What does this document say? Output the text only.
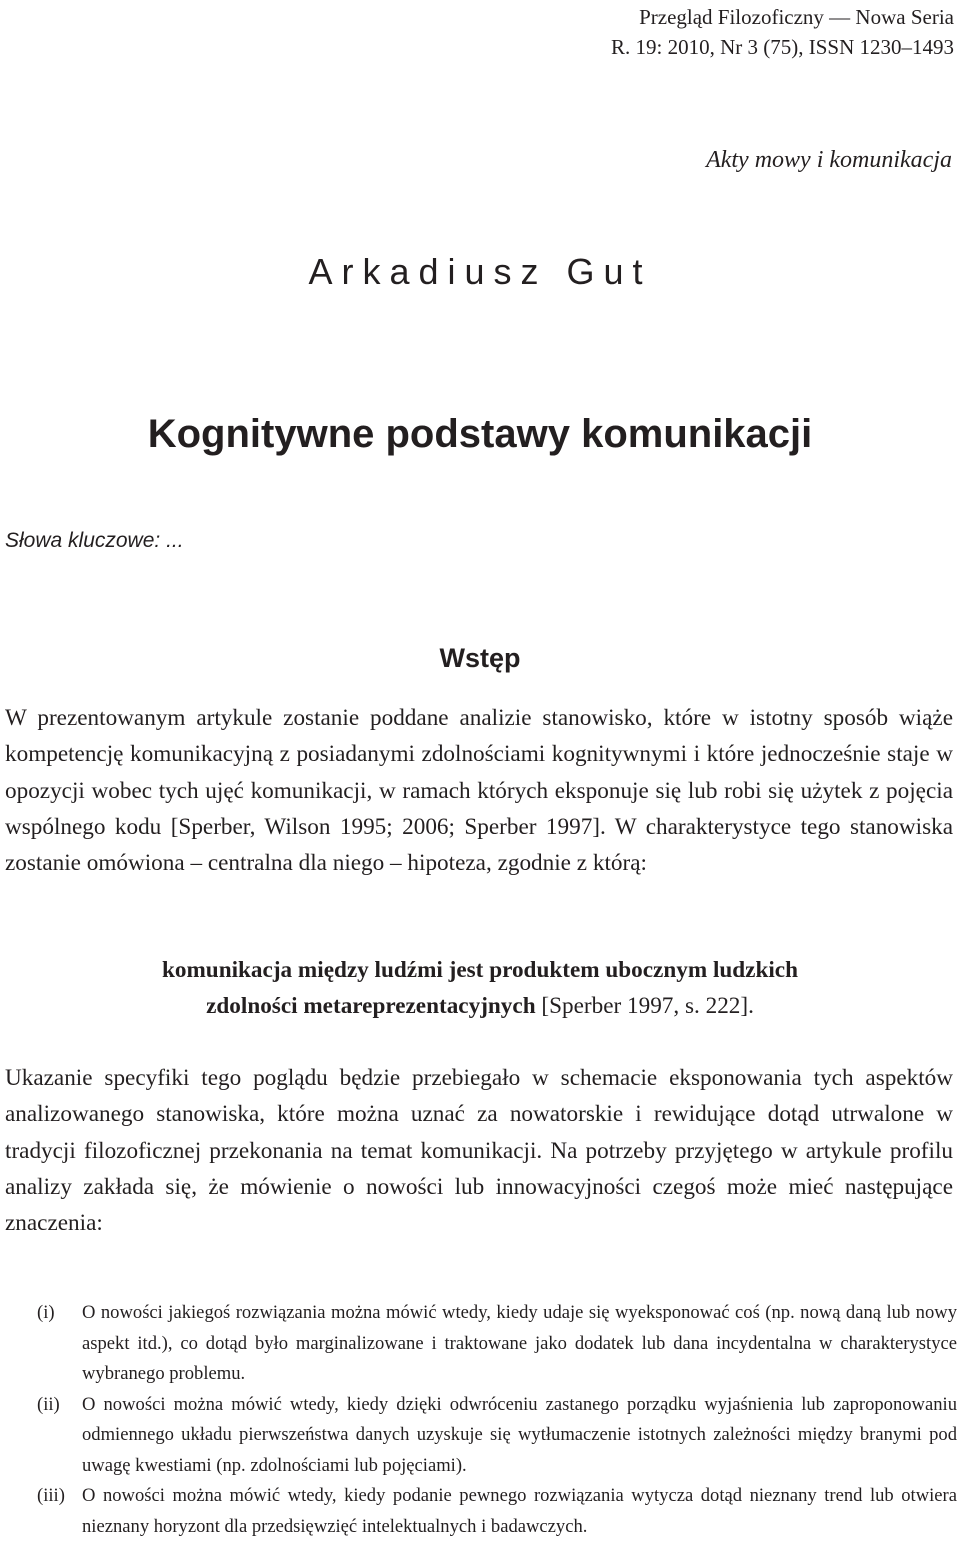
Przegląd Filozoficzny — Nowa Seria
R. 19: 2010, Nr 3 (75), ISSN 1230–1493
Akty mowy i komunikacja
Arkadiusz Gut
Kognitywne podstawy komunikacji
Słowa kluczowe: ...
Wstęp
W prezentowanym artykule zostanie poddane analizie stanowisko, które w istotny sposób wiąże kompetencję komunikacyjną z posiadanymi zdolnościami kognitywnymi i które jednocześnie staje w opozycji wobec tych ujęć komunikacji, w ramach których eksponuje się lub robi się użytek z pojęcia wspólnego kodu [Sperber, Wilson 1995; 2006; Sperber 1997]. W charakterystyce tego stanowiska zostanie omówiona – centralna dla niego – hipoteza, zgodnie z którą:
komunikacja między ludźmi jest produktem ubocznym ludzkich
zdolności metareprezentacyjnych [Sperber 1997, s. 222].
Ukazanie specyfiki tego poglądu będzie przebiegało w schemacie eksponowania tych aspektów analizowanego stanowiska, które można uznać za nowatorskie i rewidujące dotąd utrwalone w tradycji filozoficznej przekonania na temat komunikacji. Na potrzeby przyjętego w artykule profilu analizy zakłada się, że mówienie o nowości lub innowacyjności czegoś może mieć następujące znaczenia:
(i) O nowości jakiegoś rozwiązania można mówić wtedy, kiedy udaje się wyeksponować coś (np. nową daną lub nowy aspekt itd.), co dotąd było marginalizowane i traktowane jako dodatek lub dana incydentalna w charakterystyce wybranego problemu.
(ii) O nowości można mówić wtedy, kiedy dzięki odwróceniu zastanego porządku wyjaśnienia lub zaproponowaniu odmiennego układu pierwszeństwa danych uzyskuje się wytłumaczenie istotnych zależności między branymi pod uwagę kwestiami (np. zdolnościami lub pojęciami).
(iii) O nowości można mówić wtedy, kiedy podanie pewnego rozwiązania wytycza dotąd nieznany trend lub otwiera nieznany horyzont dla przedsięwzięć intelektualnych i badawczych.
